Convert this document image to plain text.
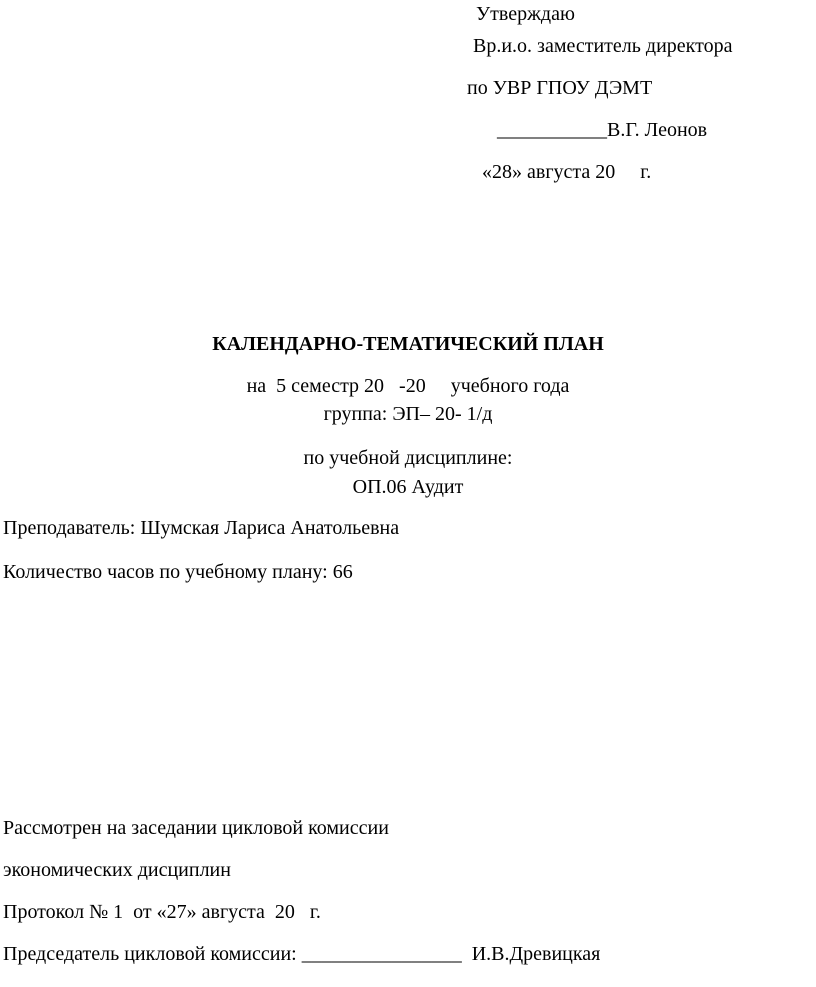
Утверждаю
Вр.и.о. заместитель директора
по УВР ГПОУ ДЭМТ
___________В.Г. Леонов
«28» августа 20     г.
КАЛЕНДАРНО-ТЕМАТИЧЕСКИЙ ПЛАН
на  5 семестр 20   -20     учебного года
группа: ЭП– 20- 1/д
по учебной дисциплине:
ОП.06 Аудит
Преподаватель: Шумская Лариса Анатольевна
Количество часов по учебному плану: 66
Рассмотрен на заседании цикловой комиссии
экономических дисциплин
Протокол № 1  от «27» августа  20   г.
Председатель цикловой комиссии: ________________  И.В.Древицкая
